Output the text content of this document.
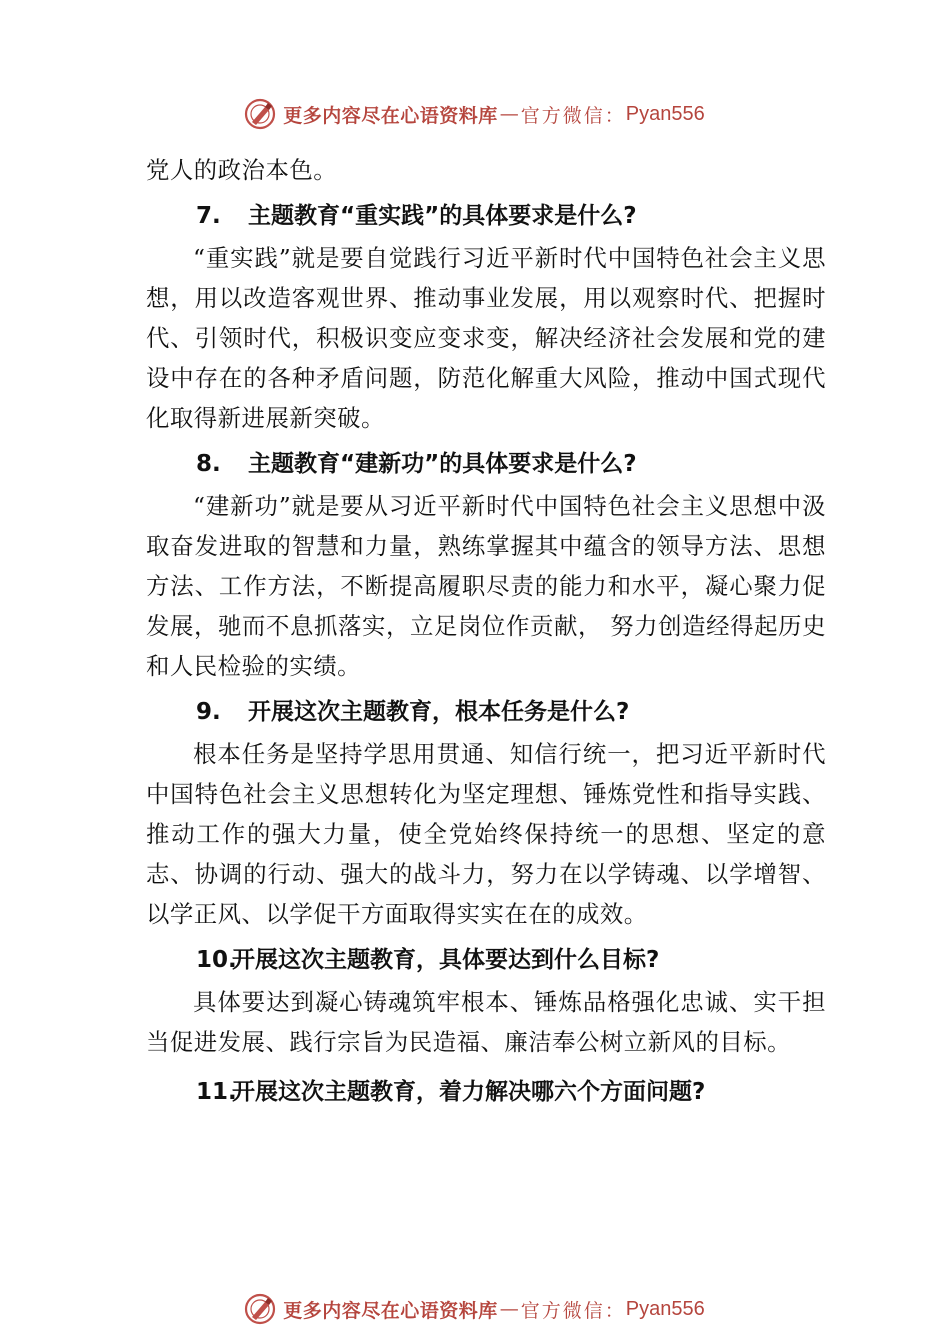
更多内容尽在心语资料库 — 官方微信： Pyan556

党人的政治本色。

7. 主题教育“重实践”的具体要求是什么?

“重实践”就是要自觉践行习近平新时代中国特色社会主义思想，用以改造客观世界、推动事业发展，用以观察时代、把握时代、引领时代，积极识变应变求变，解决经济社会发展和党的建设中存在的各种矛盾问题，防范化解重大风险，推动中国式现代化取得新进展新突破。

8. 主题教育“建新功”的具体要求是什么?

“建新功”就是要从习近平新时代中国特色社会主义思想中汲取奋发进取的智慧和力量，熟练掌握其中蕴含的领导方法、思想方法、工作方法，不断提高履职尽责的能力和水平，凝心聚力促发展，驰而不息抓落实，立足岗位作贡献， 努力创造经得起历史和人民检验的实绩。

9. 开展这次主题教育，根本任务是什么?

根本任务是坚持学思用贯通、知信行统一，把习近平新时代中国特色社会主义思想转化为坚定理想、锤炼党性和指导实践、推动工作的强大力量，使全党始终保持统一的思想、坚定的意志、协调的行动、强大的战斗力，努力在以学铸魂、以学增智、以学正风、以学促干方面取得实实在在的成效。

10.开展这次主题教育，具体要达到什么目标?

具体要达到凝心铸魂筑牢根本、锤炼品格强化忠诚、实干担当促进发展、践行宗旨为民造福、廉洁奉公树立新风的目标。

11.开展这次主题教育，着力解决哪六个方面问题?
更多内容尽在心语资料库 — 官方微信： Pyan556
